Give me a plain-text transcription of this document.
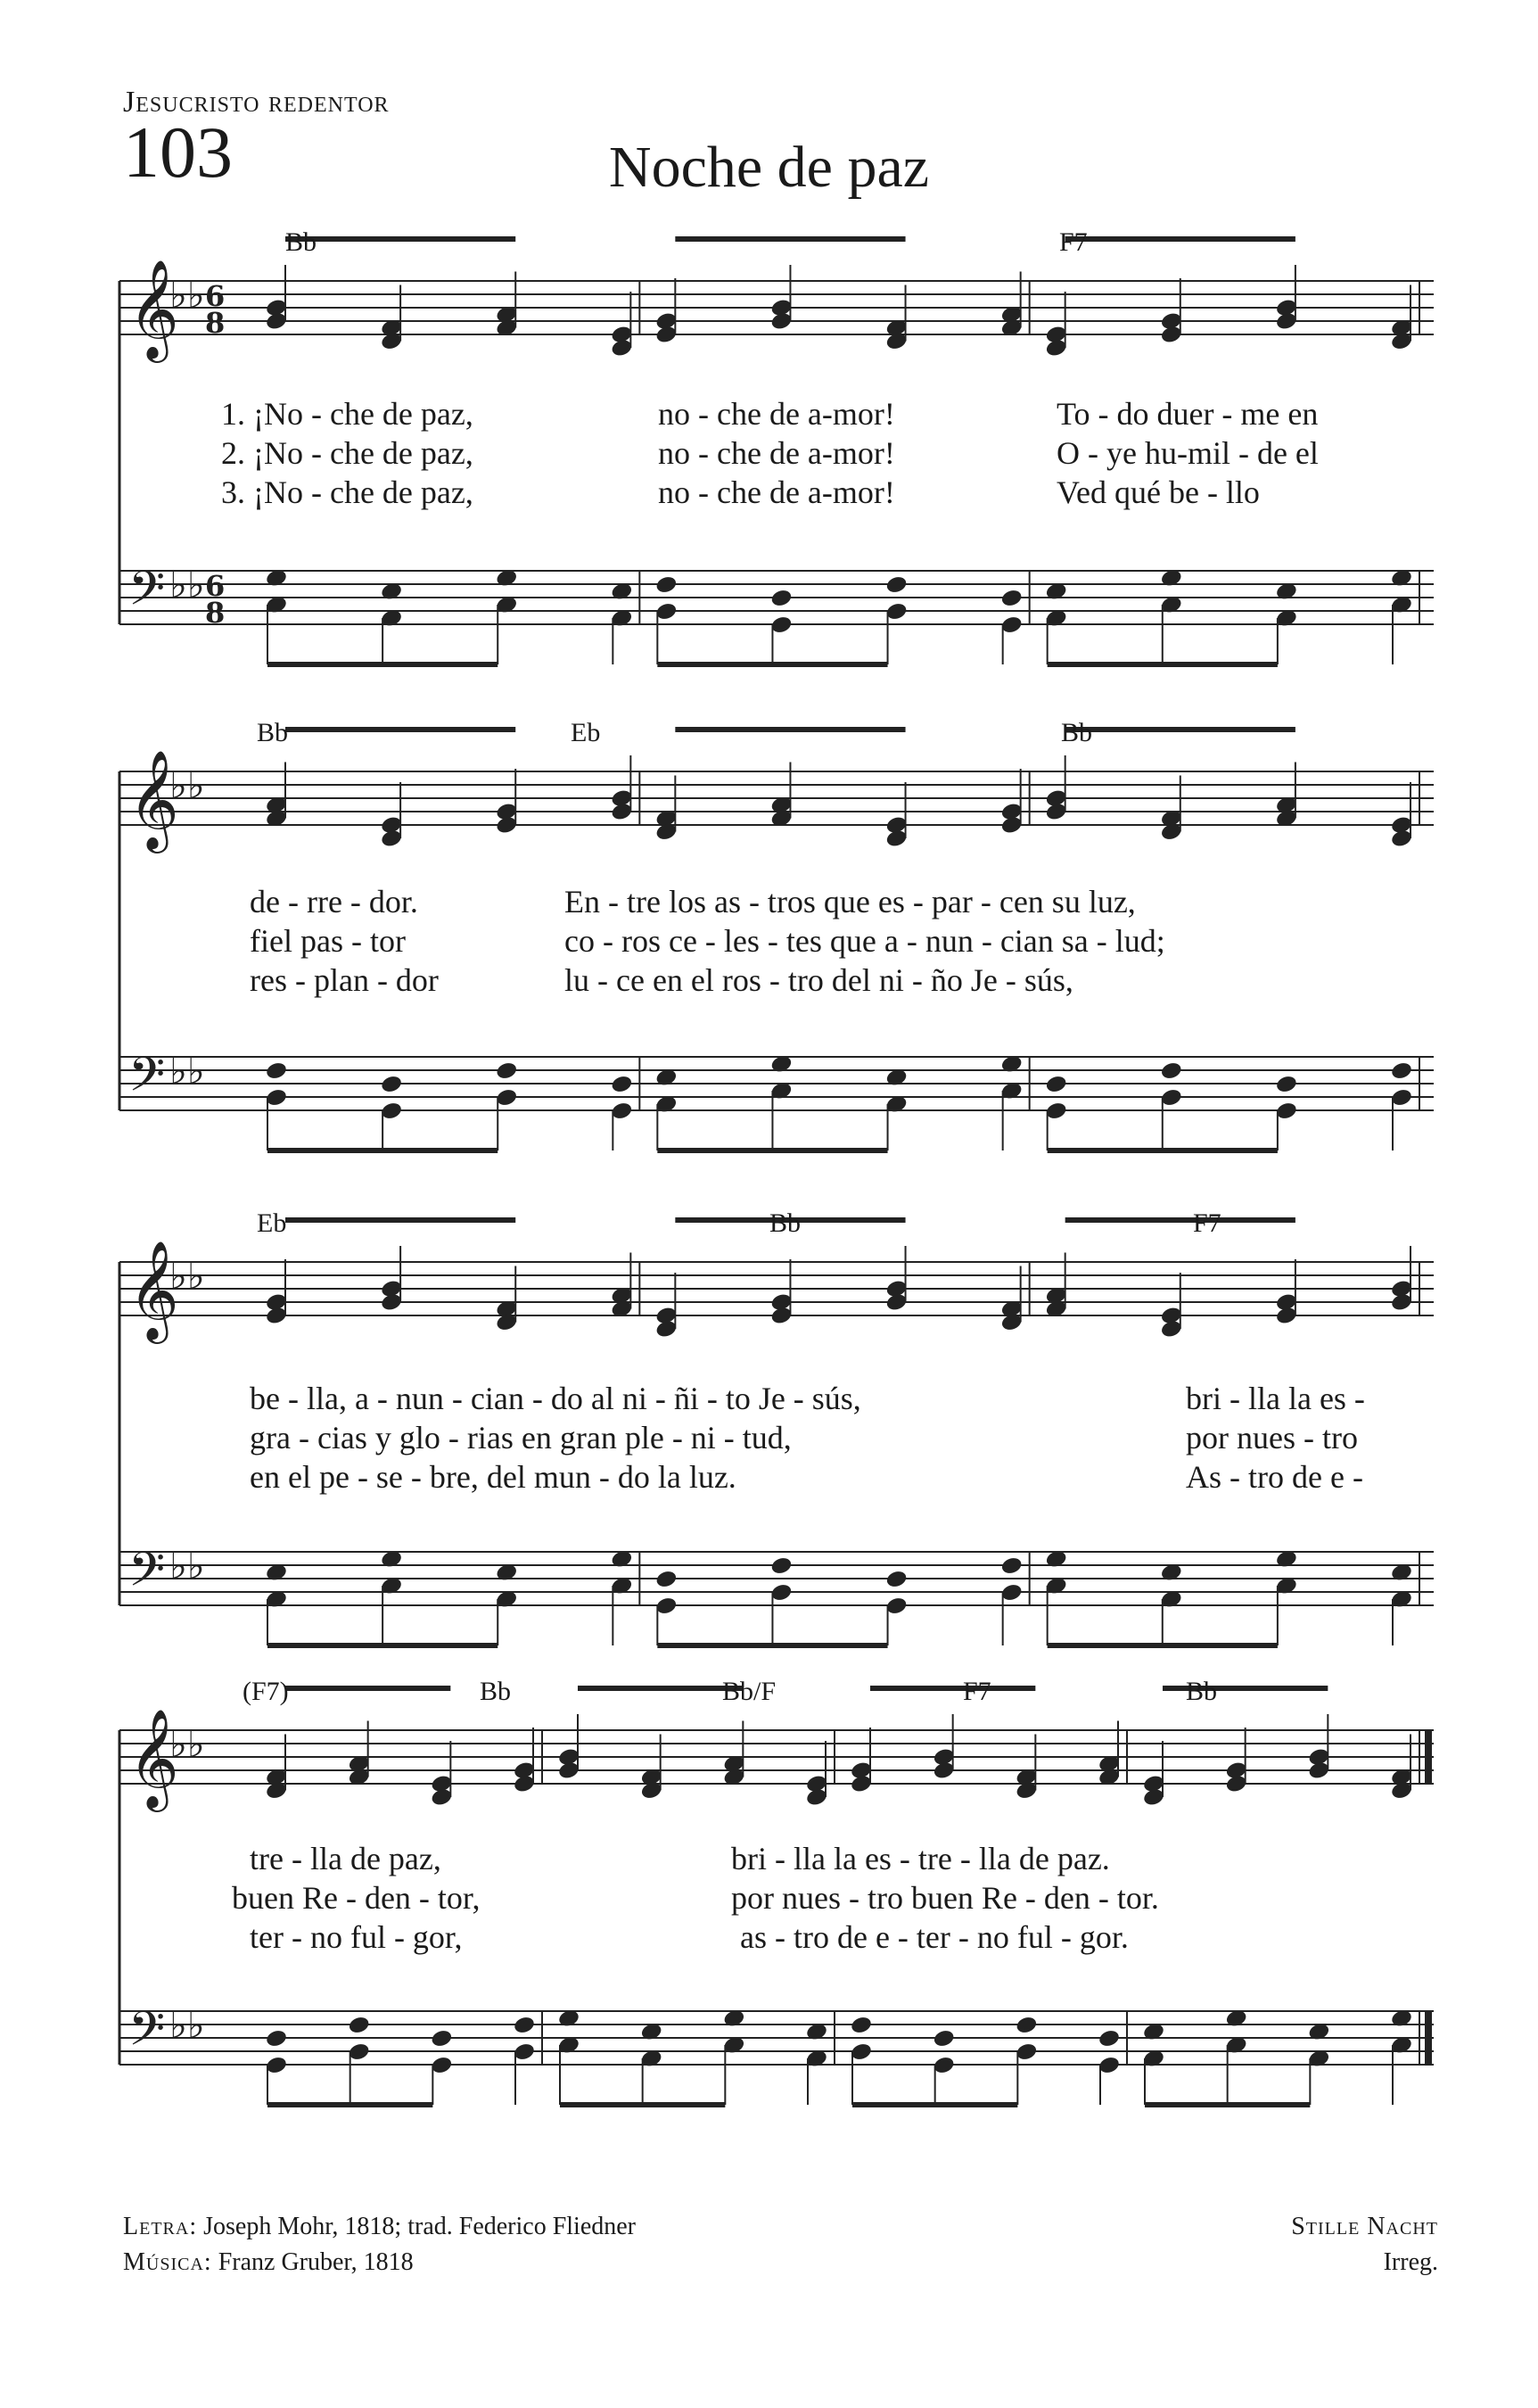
Jesucristo redentor
103	Noche de paz
𝄞
♭♭
𝄢 ♭♭
6
8
6
8
Bb	F7
1. ¡No - che de paz,	no - che de a-mor!	To - do duer - me en
2. ¡No - che de paz,	no - che de a-mor!	O - ye hu-mil - de el
3. ¡No - che de paz,	no - che de a-mor!	Ved qué be - llo
𝄞
♭♭
𝄢 ♭♭
Bb	Eb	Bb
de - rre - dor.	En - tre los as - tros que es - par - cen su luz,
fiel pas - tor	co - ros ce - les - tes que a - nun - cian sa - lud;
res - plan - dor	lu - ce en el ros - tro del ni - ño Je - sús,
𝄞
♭♭
𝄢 ♭♭
Eb	Bb	F7
be - lla, a - nun - cian - do al ni - ñi - to Je - sús,	bri - lla la es -
gra - cias y glo - rias en gran ple - ni - tud,	por nues - tro
en el pe - se - bre, del mun - do la luz.	As - tro de e -
𝄞
♭♭
𝄢 ♭♭
(F7)	Bb	Bb/F	F7	Bb
tre - lla de paz,	bri - lla la es - tre - lla de paz.
buen Re - den - tor,	por nues - tro buen Re - den - tor.
ter - no ful - gor,	as - tro de e - ter - no ful - gor.
Letra: Joseph Mohr, 1818; trad. Federico Fliedner
Música: Franz Gruber, 1818
Stille Nacht
Irreg.
